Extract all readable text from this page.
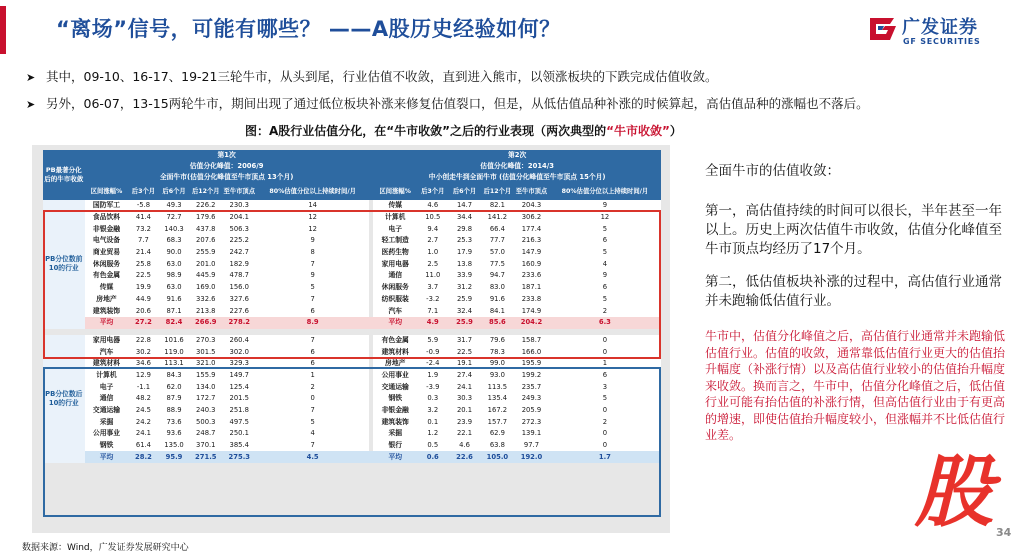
“离场”信号，可能有哪些？ ——A股历史经验如何？	广发证券
GF SECURITIES
➤ 其中，09-10、16-17、19-21三轮牛市，从头到尾，行业估值不收敛，直到进入熊市，以领涨板块的下跌完成估值收敛。
➤ 另外，06-07，13-15两轮牛市，期间出现了通过低位板块补涨来修复估值裂口，但是，从低估值品种补涨的时候算起，高估值品种的涨幅也不落后。
图：A股行业估值分化，在“牛市收敛”之后的行业表现（两次典型的“牛市收敛”）
PB最著分化后的牛市收敛	第1次							第2次					
	估值分化峰值：2006/9							估值分化峰值：2014/3					
	全面牛市(估值分化峰值至牛市顶点 13个月)							中小创走牛到全面牛市 (估值分化峰值至牛市顶点 15个月)					
	区间涨幅%	后3个月	后6个月	后12个月	至牛市顶点	80%估值分位以上持续时间/月		区间涨幅%	后3个月	后6个月	后12个月	至牛市顶点	80%估值分位以上持续时间/月
PB分位数前10的行业	国防军工	-5.8	49.3	226.2	230.3	14		传媒	4.6	14.7	82.1	204.3	9
	食品饮料	41.4	72.7	179.6	204.1	12		计算机	10.5	34.4	141.2	306.2	12
	非银金融	73.2	140.3	437.8	506.3	12		电子	9.4	29.8	66.4	177.4	5
	电气设备	7.7	68.3	207.6	225.2	9		轻工制造	2.7	25.3	77.7	216.3	6
	商业贸易	21.4	90.0	255.9	242.7	8		医药生物	1.0	17.9	57.0	147.9	5
	休闲服务	25.8	63.0	201.0	182.9	7		家用电器	2.5	13.8	77.5	160.9	4
	有色金属	22.5	98.9	445.9	478.7	9		通信	11.0	33.9	94.7	233.6	9
	传媒	19.9	63.0	169.0	156.0	5		休闲服务	3.7	31.2	83.0	187.1	6
	房地产	44.9	91.6	332.6	327.6	7		纺织服装	-3.2	25.9	91.6	233.8	5
	建筑装饰	20.6	87.1	213.8	227.6	6		汽车	7.1	32.4	84.1	174.9	2
	平均	27.2	82.4	266.9	278.2	8.9		平均	4.9	25.9	85.6	204.2	6.3

PB分位数后10的行业	家用电器	22.8	101.6	270.3	260.4	7		有色金属	5.9	31.7	79.6	158.7	0
	汽车	30.2	119.0	301.5	302.0	6		建筑材料	-0.9	22.5	78.3	166.0	0
	建筑材料	34.6	113.1	321.0	329.3	6		房地产	-2.4	19.1	99.0	195.9	1
	计算机	12.9	84.3	155.9	149.7	1		公用事业	1.9	27.4	93.0	199.2	6
	电子	-1.1	62.0	134.0	125.4	2		交通运输	-3.9	24.1	113.5	235.7	3
	通信	48.2	87.9	172.7	201.5	0		钢铁	0.3	30.3	135.4	249.3	5
	交通运输	24.5	88.9	240.3	251.8	7		非银金融	3.2	20.1	167.2	205.9	0
	采掘	24.2	73.6	500.3	497.5	5		建筑装饰	0.1	23.9	157.7	272.3	2
	公用事业	24.1	93.6	248.7	250.1	4		采掘	1.2	22.1	62.9	139.1	0
	钢铁	61.4	135.0	370.1	385.4	7		银行	0.5	4.6	63.8	97.7	0
	平均	28.2	95.9	271.5	275.3	4.5		平均	0.6	22.6	105.0	192.0	1.7
全面牛市的估值收敛：
第一，高估值持续的时间可以很长，半年甚至一年以上。历史上两次估值牛市收敛，估值分化峰值至牛市顶点均经历了17个月。
第二，低估值板块补涨的过程中，高估值行业通常并未跑输低估值行业。
牛市中，估值分化峰值之后，高估值行业通常并未跑输低估值行业。估值的收敛，通常靠低估值行业更大的估值抬升幅度（补涨行情）以及高估值行业较小的估值抬升幅度来收敛。换而言之，牛市中，估值分化峰值之后，低估值行业可能有抬估值的补涨行情，但高估值行业由于有更高的增速，即使估值抬升幅度较小，但涨幅并不比低估值行业差。
股
数据来源：Wind，广发证券发展研究中心
34
